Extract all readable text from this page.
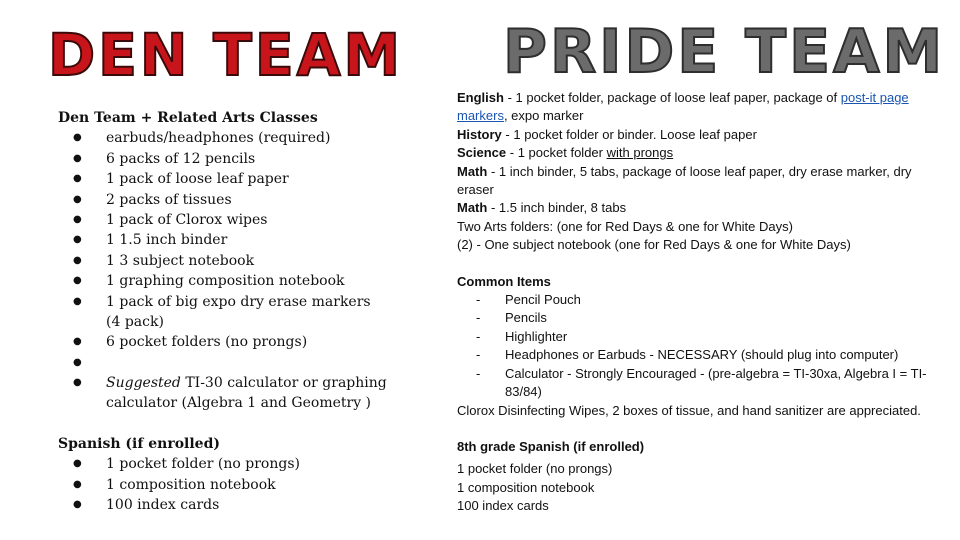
DEN TEAM PRIDE TEAM
Den Team + Related Arts Classes
● earbuds/headphones (required)
● 6 packs of 12 pencils
● 1 pack of loose leaf paper
● 2 packs of tissues
● 1 pack of Clorox wipes
● 1 1.5 inch binder
● 1 3 subject notebook
● 1 graphing composition notebook
● 1 pack of big expo dry erase markers (4 pack)
● 6 pocket folders (no prongs)
●
● Suggested TI-30 calculator or graphing calculator (Algebra 1 and Geometry )
Spanish (if enrolled)
● 1 pocket folder (no prongs)
● 1 composition notebook
● 100 index cards

English - 1 pocket folder, package of loose leaf paper, package of post-it page markers, expo marker

History - 1 pocket folder or binder. Loose leaf paper

Science - 1 pocket folder with prongs

Math - 1 inch binder, 5 tabs, package of loose leaf paper, dry erase marker, dry eraser

Math - 1.5 inch binder, 8 tabs

Two Arts folders: (one for Red Days & one for White Days)

(2) - One subject notebook (one for Red Days & one for White Days)

Common Items

- Pencil Pouch
- Pencils
- Highlighter
- Headphones or Earbuds - NECESSARY (should plug into computer)
- Calculator - Strongly Encouraged - (pre-algebra = TI-30xa, Algebra I = TI-83/84)

Clorox Disinfecting Wipes, 2 boxes of tissue, and hand sanitizer are appreciated.

8th grade Spanish (if enrolled)

1 pocket folder (no prongs)

1 composition notebook

100 index cards
